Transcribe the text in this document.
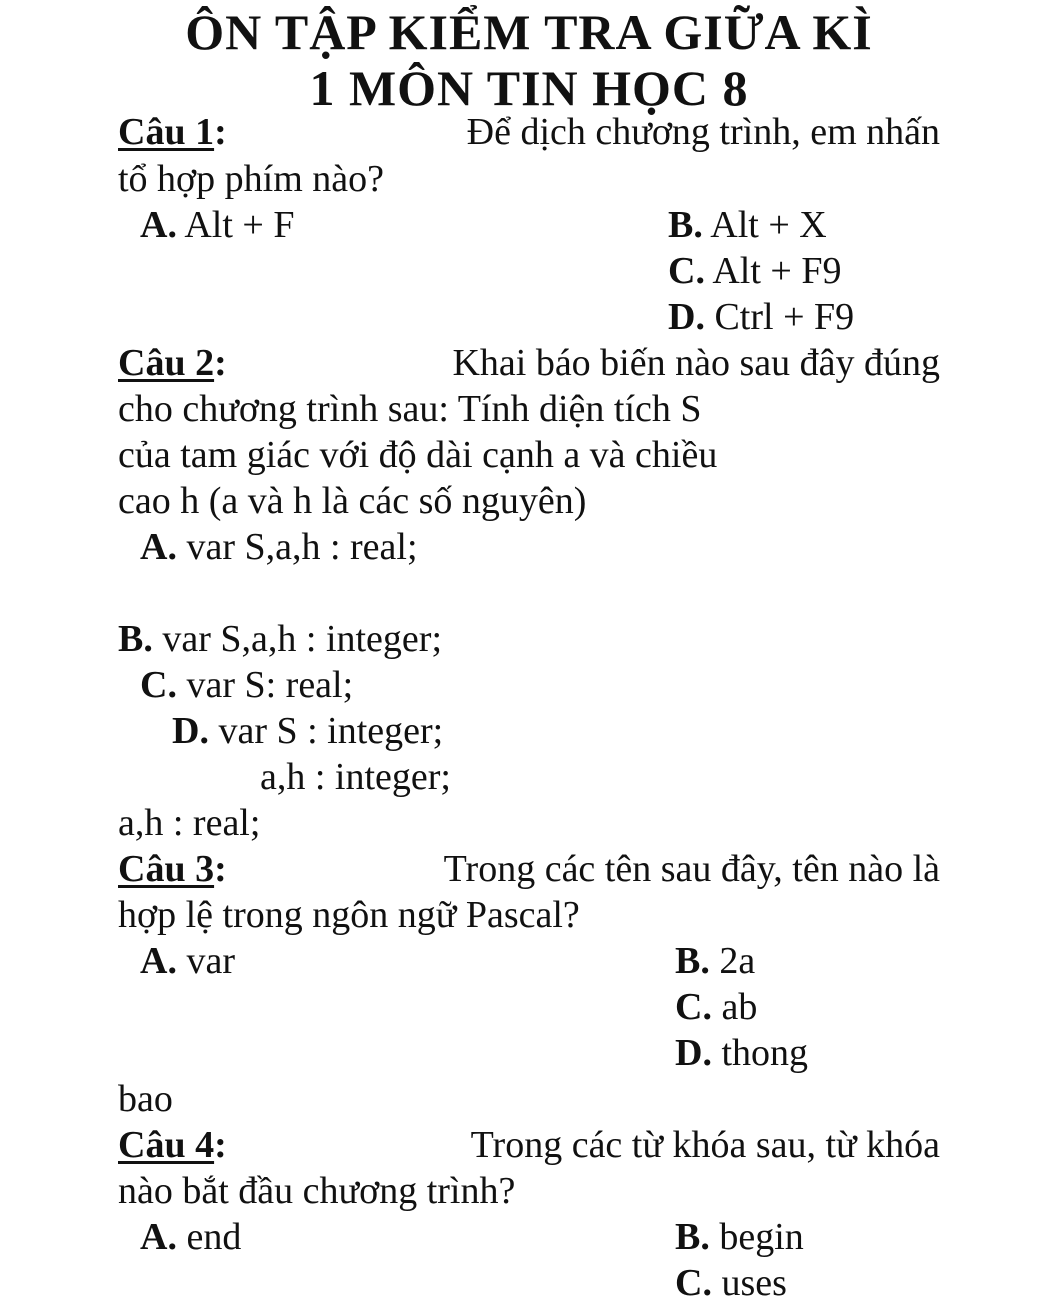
ÔN TẬP KIỂM TRA GIỮA KÌ
1 MÔN TIN HỌC 8
Câu 1:	Để dịch chương trình, em nhấn
tổ hợp phím nào?
A. Alt + F	B. Alt + X
C. Alt + F9
D. Ctrl + F9
Câu 2:	Khai báo biến nào sau đây đúng
cho chương trình sau: Tính diện tích S
của tam giác với độ dài cạnh a và chiều
cao h (a và h là các số nguyên)
A. var S,a,h : real;
B. var S,a,h : integer;
C. var S: real;
D. var S : integer;
a,h : integer;
a,h : real;
Câu 3:	Trong các tên sau đây, tên nào là
hợp lệ trong ngôn ngữ Pascal?
A. var	B. 2a
C. ab
D. thong
bao
Câu 4:	Trong các từ khóa sau, từ khóa
nào bắt đầu chương trình?
A. end	B. begin
C. uses
